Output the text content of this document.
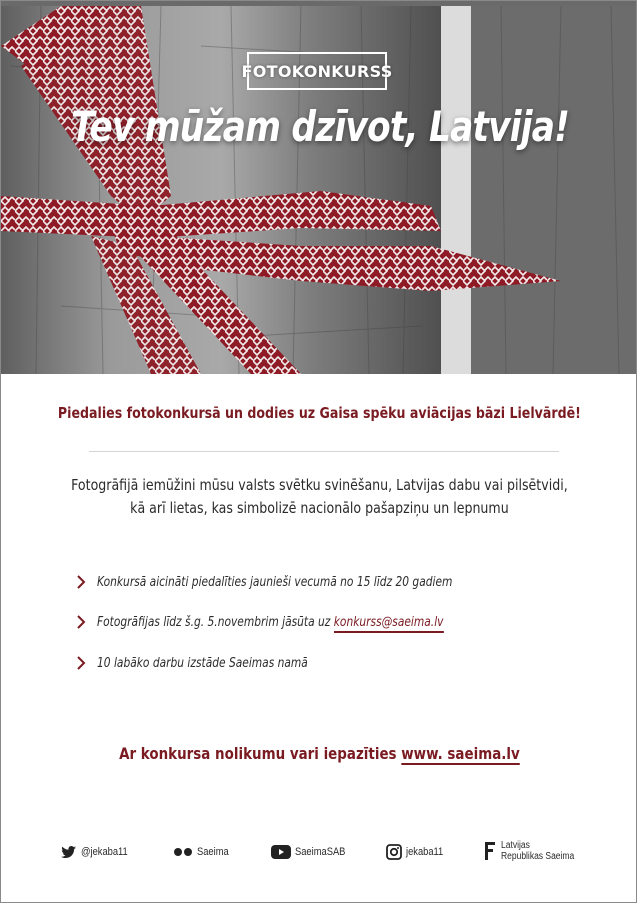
FOTOKONKURSS
Tev mūžam dzīvot, Latvija!
Piedalies fotokonkursā un dodies uz Gaisa spēku aviācijas bāzi Lielvārdē!
Fotogrāfijā iemūžini mūsu valsts svētku svinēšanu, Latvijas dabu vai pilsētvidi,
kā arī lietas, kas simbolizē nacionālo pašapziņu un lepnumu
Konkursā aicināti piedalīties jaunieši vecumā no 15 līdz 20 gadiem
Fotogrāfijas līdz š.g. 5.novembrim jāsūta uz konkurss@saeima.lv
10 labāko darbu izstāde Saeimas namā
Ar konkursa nolikumu vari iepazīties www. saeima.lv
@jekaba11	Saeima	SaeimaSAB	jekaba11
Latvijas
Republikas Saeima
